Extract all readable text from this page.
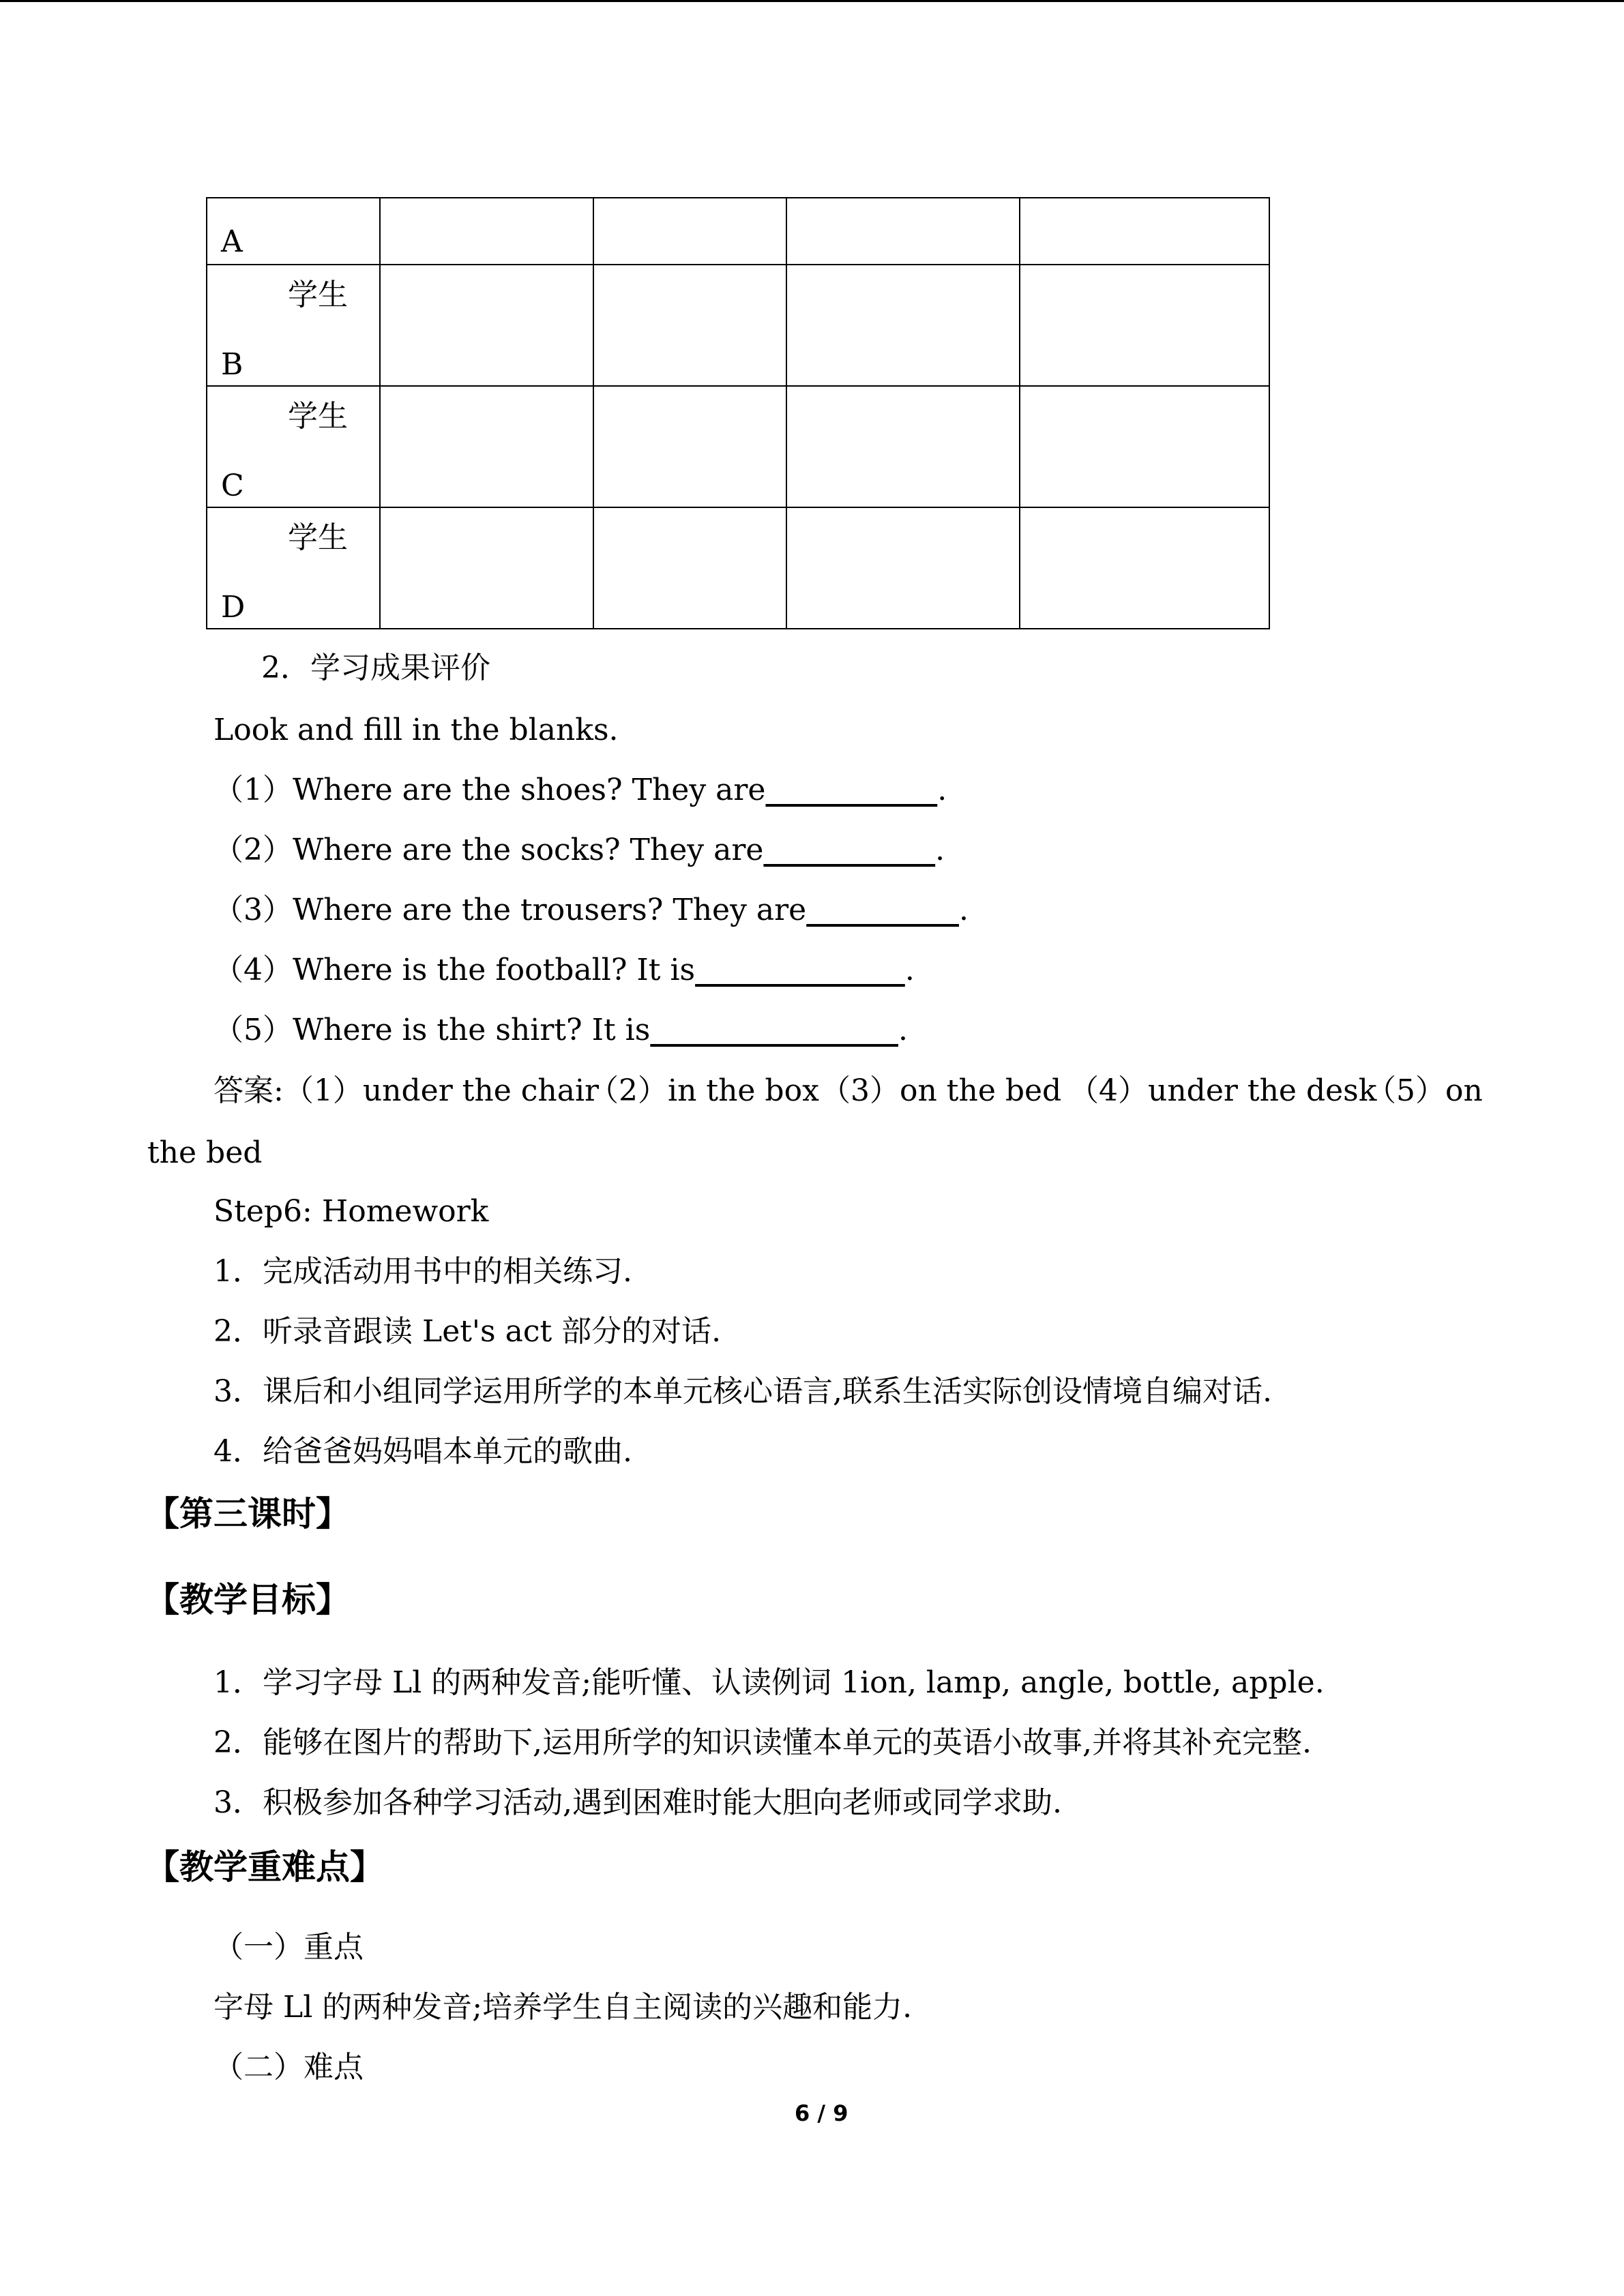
A				

学生
B				

学生
C				

学生
D				

2．学习成果评价
Look and fill in the blanks.
（1）Where are the shoes? They are	.
（2）Where are the socks? They are	.
（3）Where are the trousers? They are	.
（4）Where is the football? It is	.
（5）Where is the shirt? It is	.
答案:（1）under the chair
（2）in the box （3）on the bed （4）under the desk
（5）on
the bed
Step6: Homework
1．完成活动用书中的相关练习.
2．听录音跟读 Let's act 部分的对话.
3．课后和小组同学运用所学的本单元核心语言,联系生活实际创设情境自编对话.
4．给爸爸妈妈唱本单元的歌曲.
【第三课时】
【教学目标】
1．学习字母 Ll 的两种发音;能听懂、认读例词 1ion, lamp, angle, bottle, apple.
2．能够在图片的帮助下,运用所学的知识读懂本单元的英语小故事,并将其补充完整.
3．积极参加各种学习活动,遇到困难时能大胆向老师或同学求助.
【教学重难点】
（一）重点
字母 Ll 的两种发音;培养学生自主阅读的兴趣和能力.
（二）难点
6 / 9
